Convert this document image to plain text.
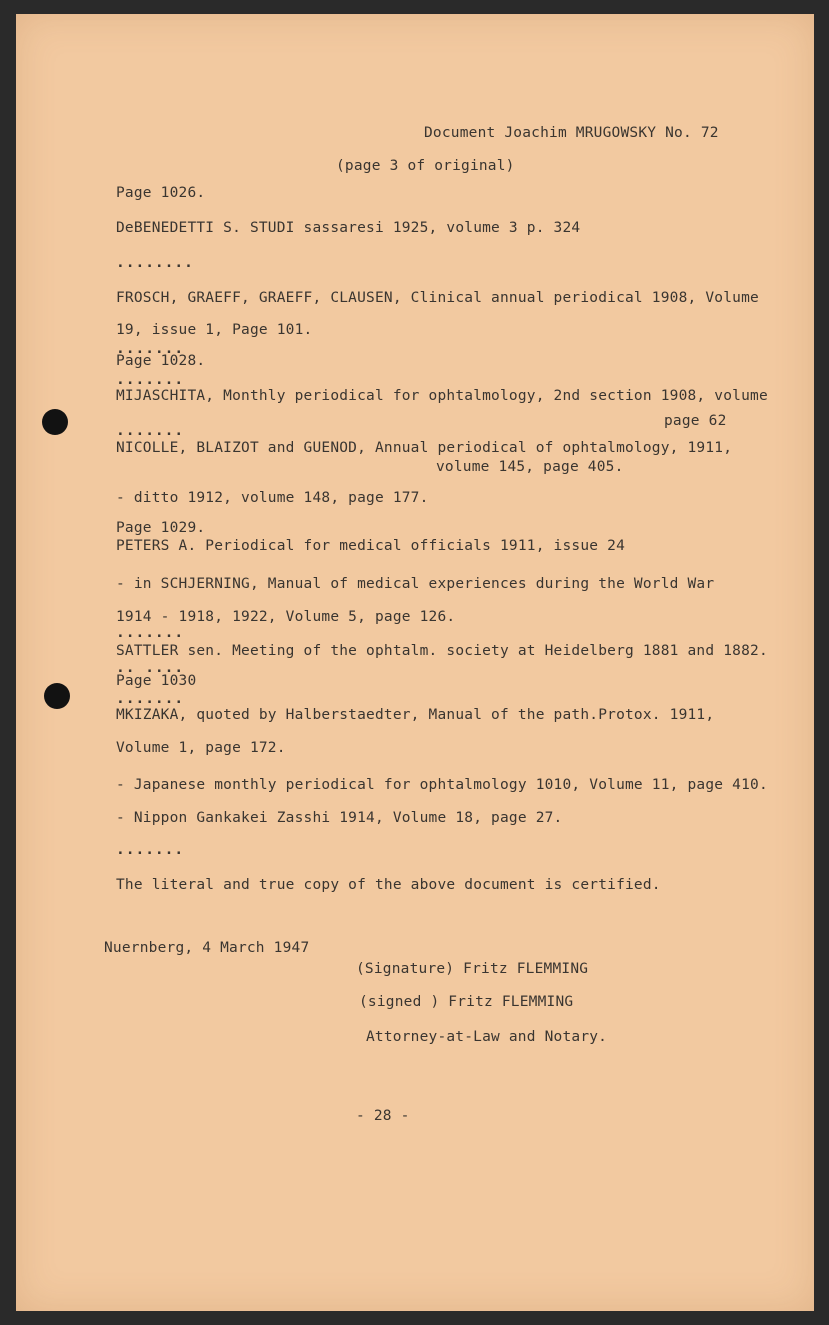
Document Joachim MRUGOWSKY No. 72
(page 3 of original)
Page 1026.
DeBENEDETTI S. STUDI sassaresi 1925, volume 3 p. 324
........
FROSCH, GRAEFF, GRAEFF, CLAUSEN, Clinical annual periodical 1908, Volume
19, issue 1, Page 101.
.......
Page 1028.
.......
MIJASCHITA, Monthly periodical for ophtalmology, 2nd section 1908, volume
page 62
.......
NICOLLE, BLAIZOT and GUENOD, Annual periodical of ophtalmology, 1911,
volume 145, page 405.
- ditto 1912, volume 148, page 177.
Page 1029.
PETERS A. Periodical for medical officials 1911, issue 24
- in SCHJERNING, Manual of medical experiences during the World War
1914 - 1918, 1922, Volume 5, page 126.
.......
SATTLER sen. Meeting of the ophtalm. society at Heidelberg 1881 and 1882.
.. ....
Page 1030
.......
MKIZAKA, quoted by Halberstaedter, Manual of the path.Protox. 1911,
Volume 1, page 172.
- Japanese monthly periodical for ophtalmology 1010, Volume 11, page 410.
- Nippon Gankakei Zasshi 1914, Volume 18, page 27.
.......
The literal and true copy of the above document is certified.
Nuernberg, 4 March 1947
(Signature) Fritz FLEMMING
(signed ) Fritz FLEMMING
Attorney-at-Law and Notary.
- 28 -
